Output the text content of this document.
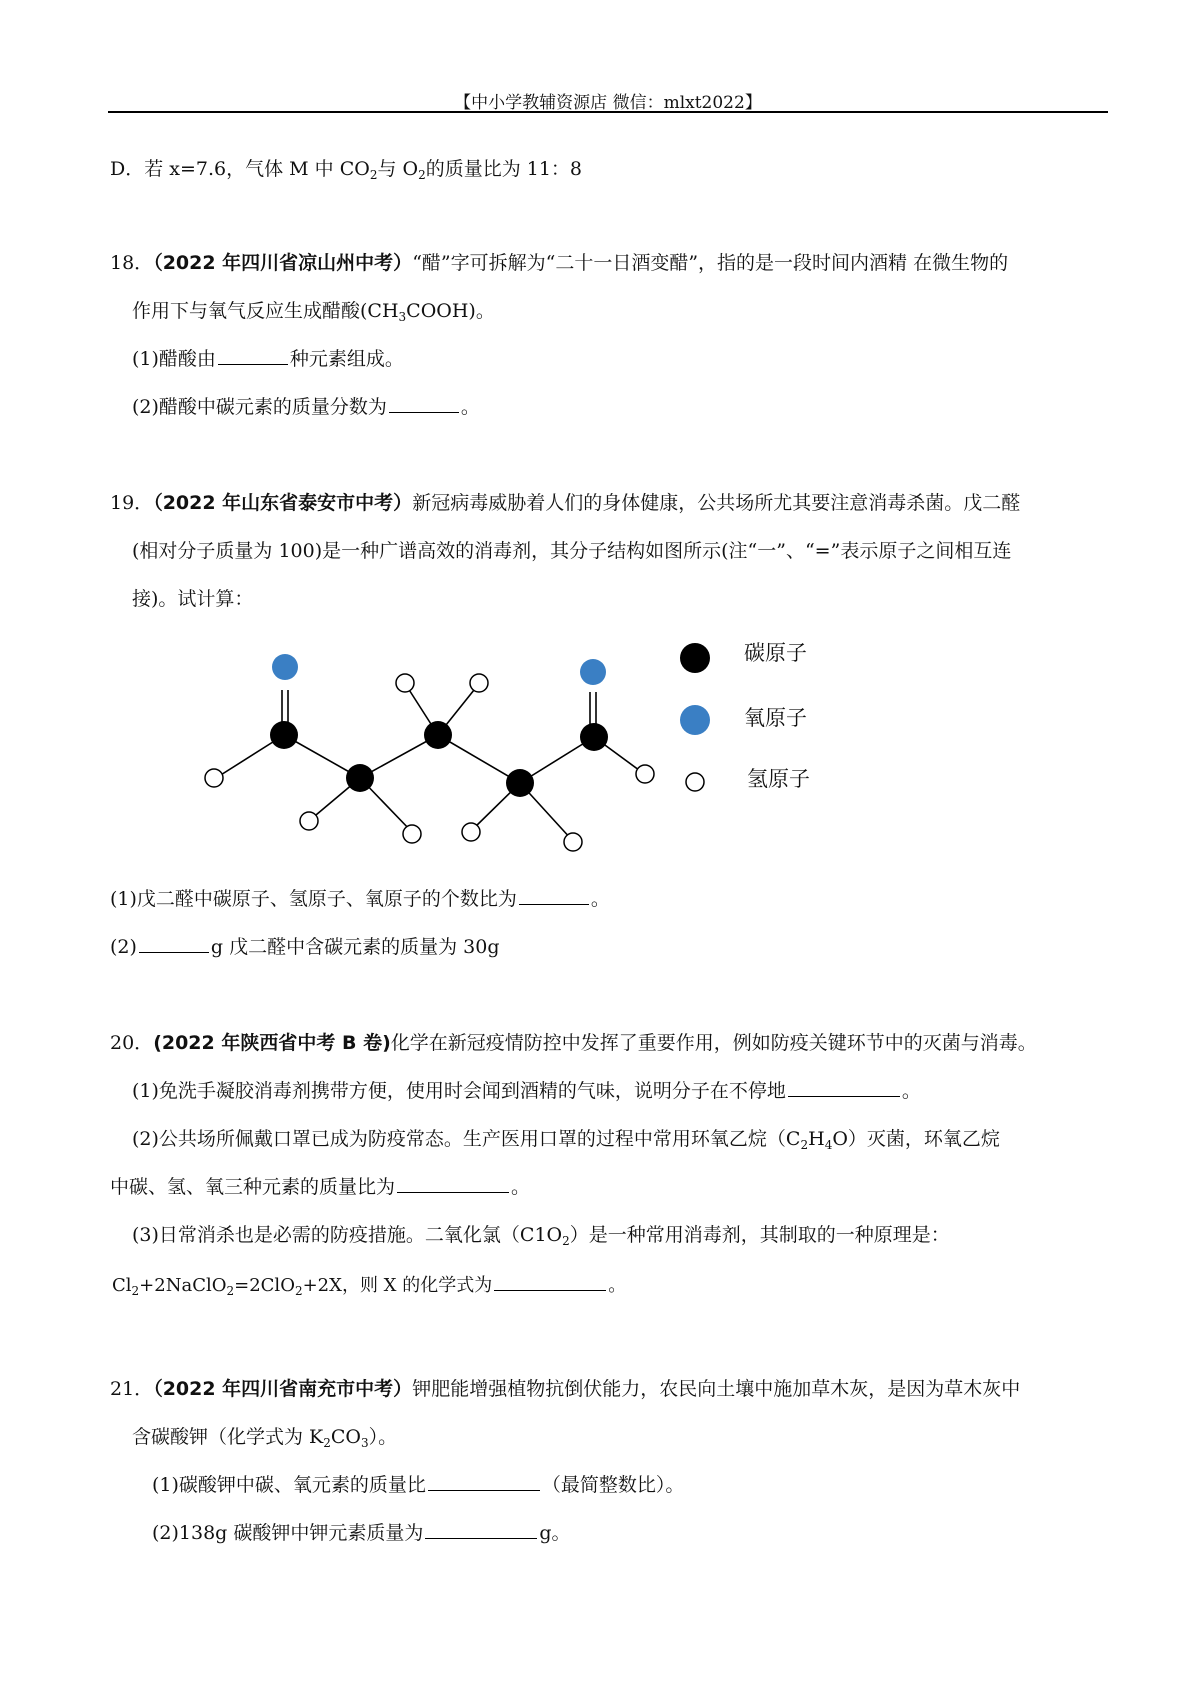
【中小学教辅资源店 微信：mlxt2022】
D．若 x=7.6，气体 M 中 $CO_2$与 $O_2$的质量比为 11：8
18．（2022 年四川省凉山州中考）“醋”字可拆解为“二十一日酒变醋”，指的是一段时间内酒精 在微生物的
作用下与氧气反应生成醋酸$(CH_3COOH)$。
(1)醋酸由	种元素组成。
(2)醋酸中碳元素的质量分数为	。
19．（2022 年山东省泰安市中考）新冠病毒威胁着人们的身体健康，公共场所尤其要注意消毒杀菌。戊二醛
(相对分子质量为 100)是一种广谱高效的消毒剂，其分子结构如图所示(注“一”、“=”表示原子之间相互连
接)。试计算：
碳原子
氧原子
氢原子
(1)戊二醛中碳原子、氢原子、氧原子的个数比为	。
(2)	g 戊二醛中含碳元素的质量为 30g
20．(2022 年陕西省中考 B 卷)化学在新冠疫情防控中发挥了重要作用，例如防疫关键环节中的灭菌与消毒。
(1)免洗手凝胶消毒剂携带方便，使用时会闻到酒精的气味，说明分子在不停地	。
(2)公共场所佩戴口罩已成为防疫常态。生产医用口罩的过程中常用环氧乙烷$(C_2H_4O)$灭菌，环氧乙烷
中碳、氢、氧三种元素的质量比为	。
(3)日常消杀也是必需的防疫措施。二氧化氯$(C1O_2)$是一种常用消毒剂，其制取的一种原理是：
$Cl_2+2NaClO_2=2ClO_2+2X$，则 X 的化学式为	。
21．（2022 年四川省南充市中考）钾肥能增强植物抗倒伏能力，农民向土壤中施加草木灰，是因为草木灰中
含碳酸钾（化学式为 $K_2CO_3$）。
(1)碳酸钾中碳、氧元素的质量比	（最简整数比）。
(2)138g 碳酸钾中钾元素质量为	g。
